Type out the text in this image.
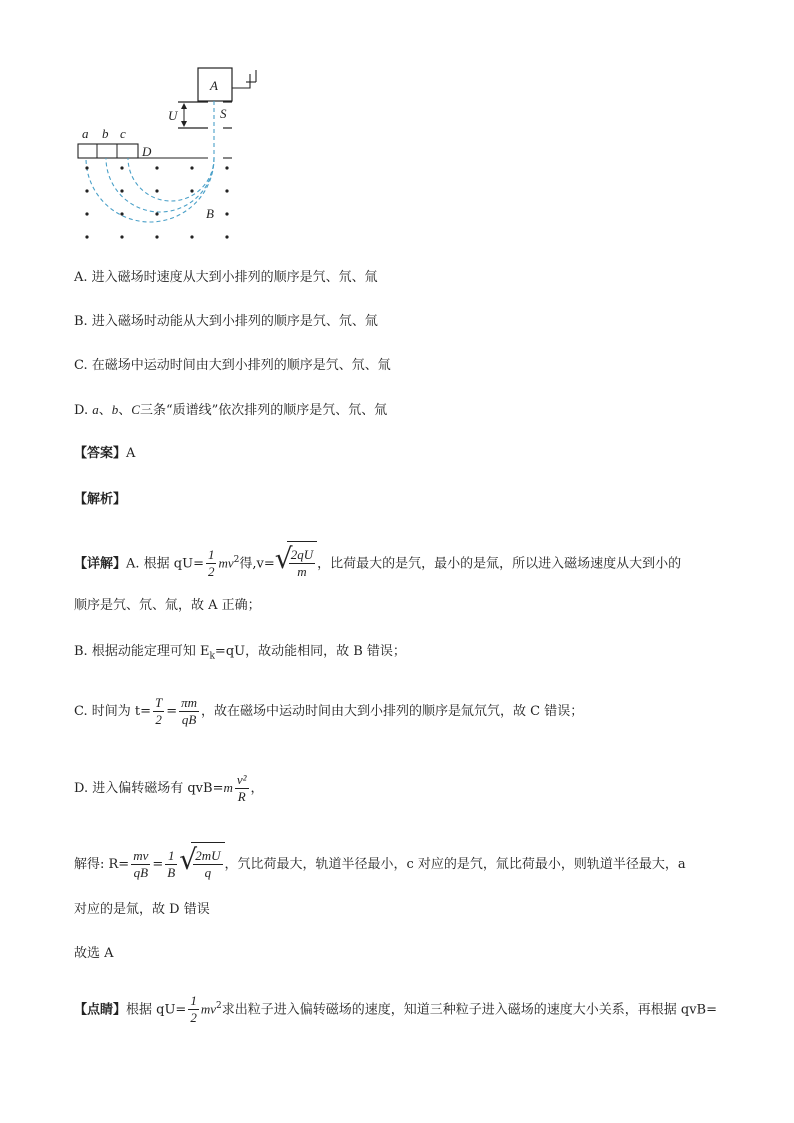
A
U	S
a b c
D
B
A. 进入磁场时速度从大到小排列的顺序是氕、氘、氚
B. 进入磁场时动能从大到小排列的顺序是氕、氘、氚
C. 在磁场中运动时间由大到小排列的顺序是氕、氘、氚
D. a、b、C三条“质谱线”依次排列的顺序是氕、氘、氚
【答案】A
【解析】
【详解】A. 根据 $qU= \frac{1}{2} mv^2$得,v= √
$\frac{2qU}{m}$ ，比荷最大的是氕，最小的是氚，所以进入磁场速度从大到小的
顺序是氕、氘、氚，故 A 正确；
B. 根据动能定理可知 $E_k=qU$，故动能相同，故 B 错误；
C. 时间为 $t= \frac{T}{2} = \frac{\pi m}{qB}$ ，故在磁场中运动时间由大到小排列的顺序是氚氘氕，故 C 错误；
D. 进入偏转磁场有 $qvB=m \frac{\text{v²}}{R}$ ，
解得: $R= \frac{mv}{qB} = \frac{1}{B}$ √
$\frac{2mU}{q}$ ，氕比荷最大，轨道半径最小，c 对应的是氕，氚比荷最小，则轨道半径最大，a
对应的是氚，故 D 错误
故选 A
【点睛】根据 $qU= \frac{1}{2} mv^2$求出粒子进入偏转磁场的速度，知道三种粒子进入磁场的速度大小关系，再根据 qvB=
